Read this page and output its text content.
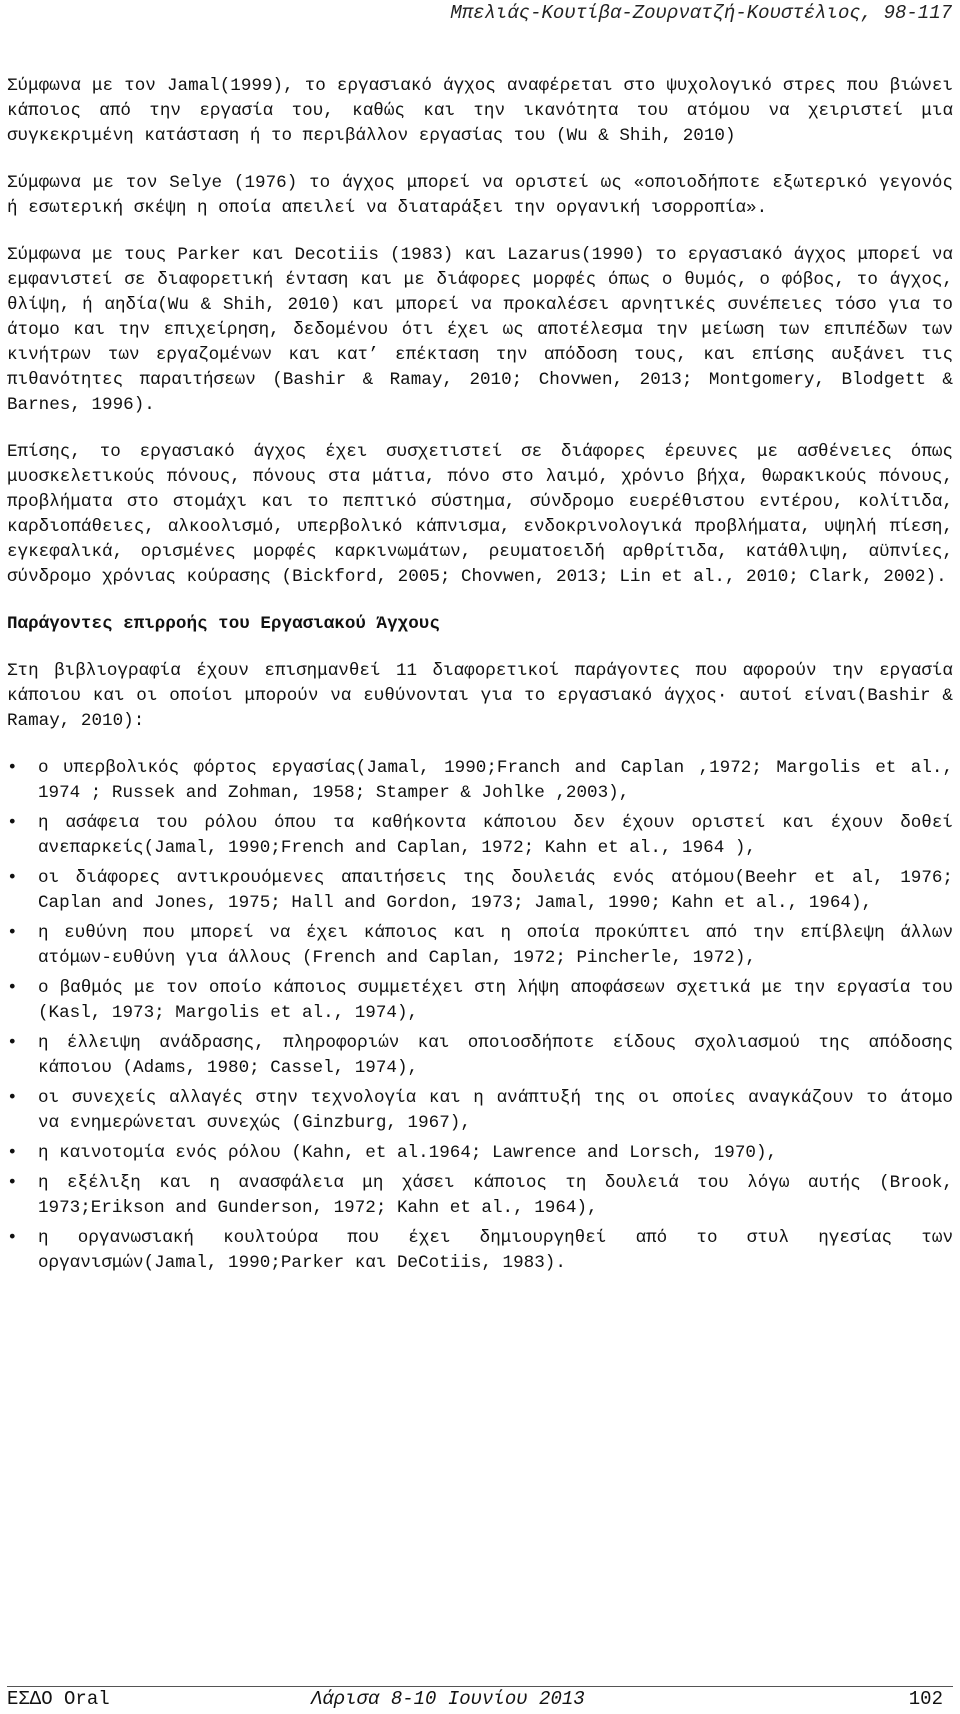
Μπελιάς-Κουτίβα-Ζουρνατζή-Κουστέλιος, 98-117

Σύμφωνα με τον Jamal(1999), το εργασιακό άγχος αναφέρεται στο ψυχολογικό στρες που βιώνει κάποιος από την εργασία του, καθώς και την ικανότητα του ατόμου να χειριστεί μια συγκεκριμένη κατάσταση ή το περιβάλλον εργασίας του (Wu & Shih, 2010)

Σύμφωνα με τον Selye (1976) το άγχος μπορεί να οριστεί ως «οποιοδήποτε εξωτερικό γεγονός ή εσωτερική σκέψη η οποία απειλεί να διαταράξει την οργανική ισορροπία».

Σύμφωνα με τους Parker και Decotiis (1983) και Lazarus(1990) το εργασιακό άγχος μπορεί να εμφανιστεί σε διαφορετική ένταση και με διάφορες μορφές όπως ο θυμός, ο φόβος, το άγχος, θλίψη, ή αηδία(Wu & Shih, 2010) και μπορεί να προκαλέσει αρνητικές συνέπειες τόσο για το άτομο και την επιχείρηση, δεδομένου ότι έχει ως αποτέλεσμα την μείωση των επιπέδων των κινήτρων των εργαζομένων και κατ’ επέκταση την απόδοση τους, και επίσης αυξάνει τις πιθανότητες παραιτήσεων (Bashir & Ramay, 2010; Chovwen, 2013; Montgomery, Blodgett & Barnes, 1996).

Επίσης, το εργασιακό άγχος έχει συσχετιστεί σε διάφορες έρευνες με ασθένειες όπως μυοσκελετικούς πόνους, πόνους στα μάτια, πόνο στο λαιμό, χρόνιο βήχα, θωρακικούς πόνους, προβλήματα στο στομάχι και το πεπτικό σύστημα, σύνδρομο ευερέθιστου εντέρου, κολίτιδα, καρδιοπάθειες, αλκοολισμό, υπερβολικό κάπνισμα, ενδοκρινολογικά προβλήματα, υψηλή πίεση, εγκεφαλικά, ορισμένες μορφές καρκινωμάτων, ρευματοειδή αρθρίτιδα, κατάθλιψη, αϋπνίες, σύνδρομο χρόνιας κούρασης (Bickford, 2005; Chovwen, 2013; Lin et al., 2010; Clark, 2002).

Παράγοντες επιρροής του Εργασιακού Άγχους

Στη βιβλιογραφία έχουν επισημανθεί 11 διαφορετικοί παράγοντες που αφορούν την εργασία κάποιου και οι οποίοι μπορούν να ευθύνονται για το εργασιακό άγχος· αυτοί είναι(Bashir & Ramay, 2010):

• ο υπερβολικός φόρτος εργασίας(Jamal, 1990;Franch and Caplan ,1972; Margolis et al., 1974 ; Russek and Zohman, 1958; Stamper & Johlke ,2003),
• η ασάφεια του ρόλου όπου τα καθήκοντα κάποιου δεν έχουν οριστεί και έχουν δοθεί ανεπαρκείς(Jamal, 1990;French and Caplan, 1972; Kahn et al., 1964 ),
• οι διάφορες αντικρουόμενες απαιτήσεις της δουλειάς ενός ατόμου(Beehr et al, 1976; Caplan and Jones, 1975; Hall and Gordon, 1973; Jamal, 1990; Kahn et al., 1964),
• η ευθύνη που μπορεί να έχει κάποιος και η οποία προκύπτει από την επίβλεψη άλλων ατόμων-ευθύνη για άλλους (French and Caplan, 1972; Pincherle, 1972),
• ο βαθμός με τον οποίο κάποιος συμμετέχει στη λήψη αποφάσεων σχετικά με την εργασία του (Kasl, 1973; Margolis et al., 1974),
• η έλλειψη ανάδρασης, πληροφοριών και οποιοσδήποτε είδους σχολιασμού της απόδοσης κάποιου (Adams, 1980; Cassel, 1974),
• οι συνεχείς αλλαγές στην τεχνολογία και η ανάπτυξή της οι οποίες αναγκάζουν το άτομο να ενημερώνεται συνεχώς (Ginzburg, 1967),
• η καινοτομία ενός ρόλου (Kahn, et al.1964; Lawrence and Lorsch, 1970),
• η εξέλιξη και η ανασφάλεια μη χάσει κάποιος τη δουλειά του λόγω αυτής (Brook, 1973;Erikson and Gunderson, 1972; Kahn et al., 1964),
• η οργανωσιακή κουλτούρα που έχει δημιουργηθεί από το στυλ ηγεσίας των οργανισμών(Jamal, 1990;Parker και DeCotiis, 1983).
ΕΣΔΟ Oral	Λάρισα 8-10 Ιουνίου 2013	102
